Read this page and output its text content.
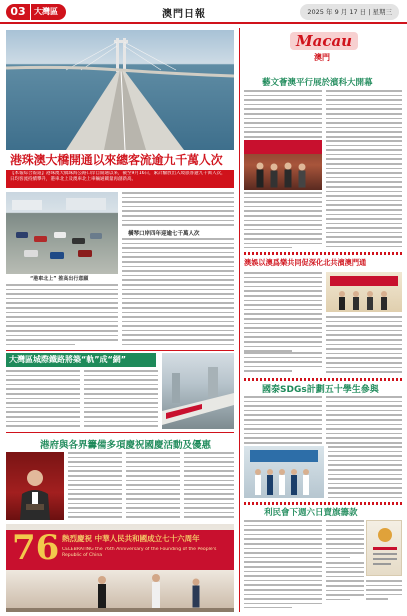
03	大灣區	澳門日報	2025 年 9 月 17 日 | 星期三
港珠澳大橋開通以來總客流逾九千萬人次
【本報綜合報道】港珠澳大橋珠海公路口岸自開通以來，截至9月16日，累計驗放出入境旅客逾九千萬人次，日均客流持續攀升，港車北上及澳車北上車輛通關量再創新高。
“港車北上” 推高出行意願
橫琴口岸四年迎逾七千萬人次
大灣區城際鐵路將築“軌”成“網”
港府與各界籌備多項慶祝國慶活動及優惠
76 熱烈慶祝 中華人民共和國成立七十六周年
CELEBRATING the 76th Anniversary of the Founding of the People's Republic of China
Macau
澳門
藝文薈澳平行展於濱科大開幕
澳娛以澳爲樂共同促深化北共濱澳門通
國泰SDGs計劃五十學生參與
利民會下週六日賣旗籌款
